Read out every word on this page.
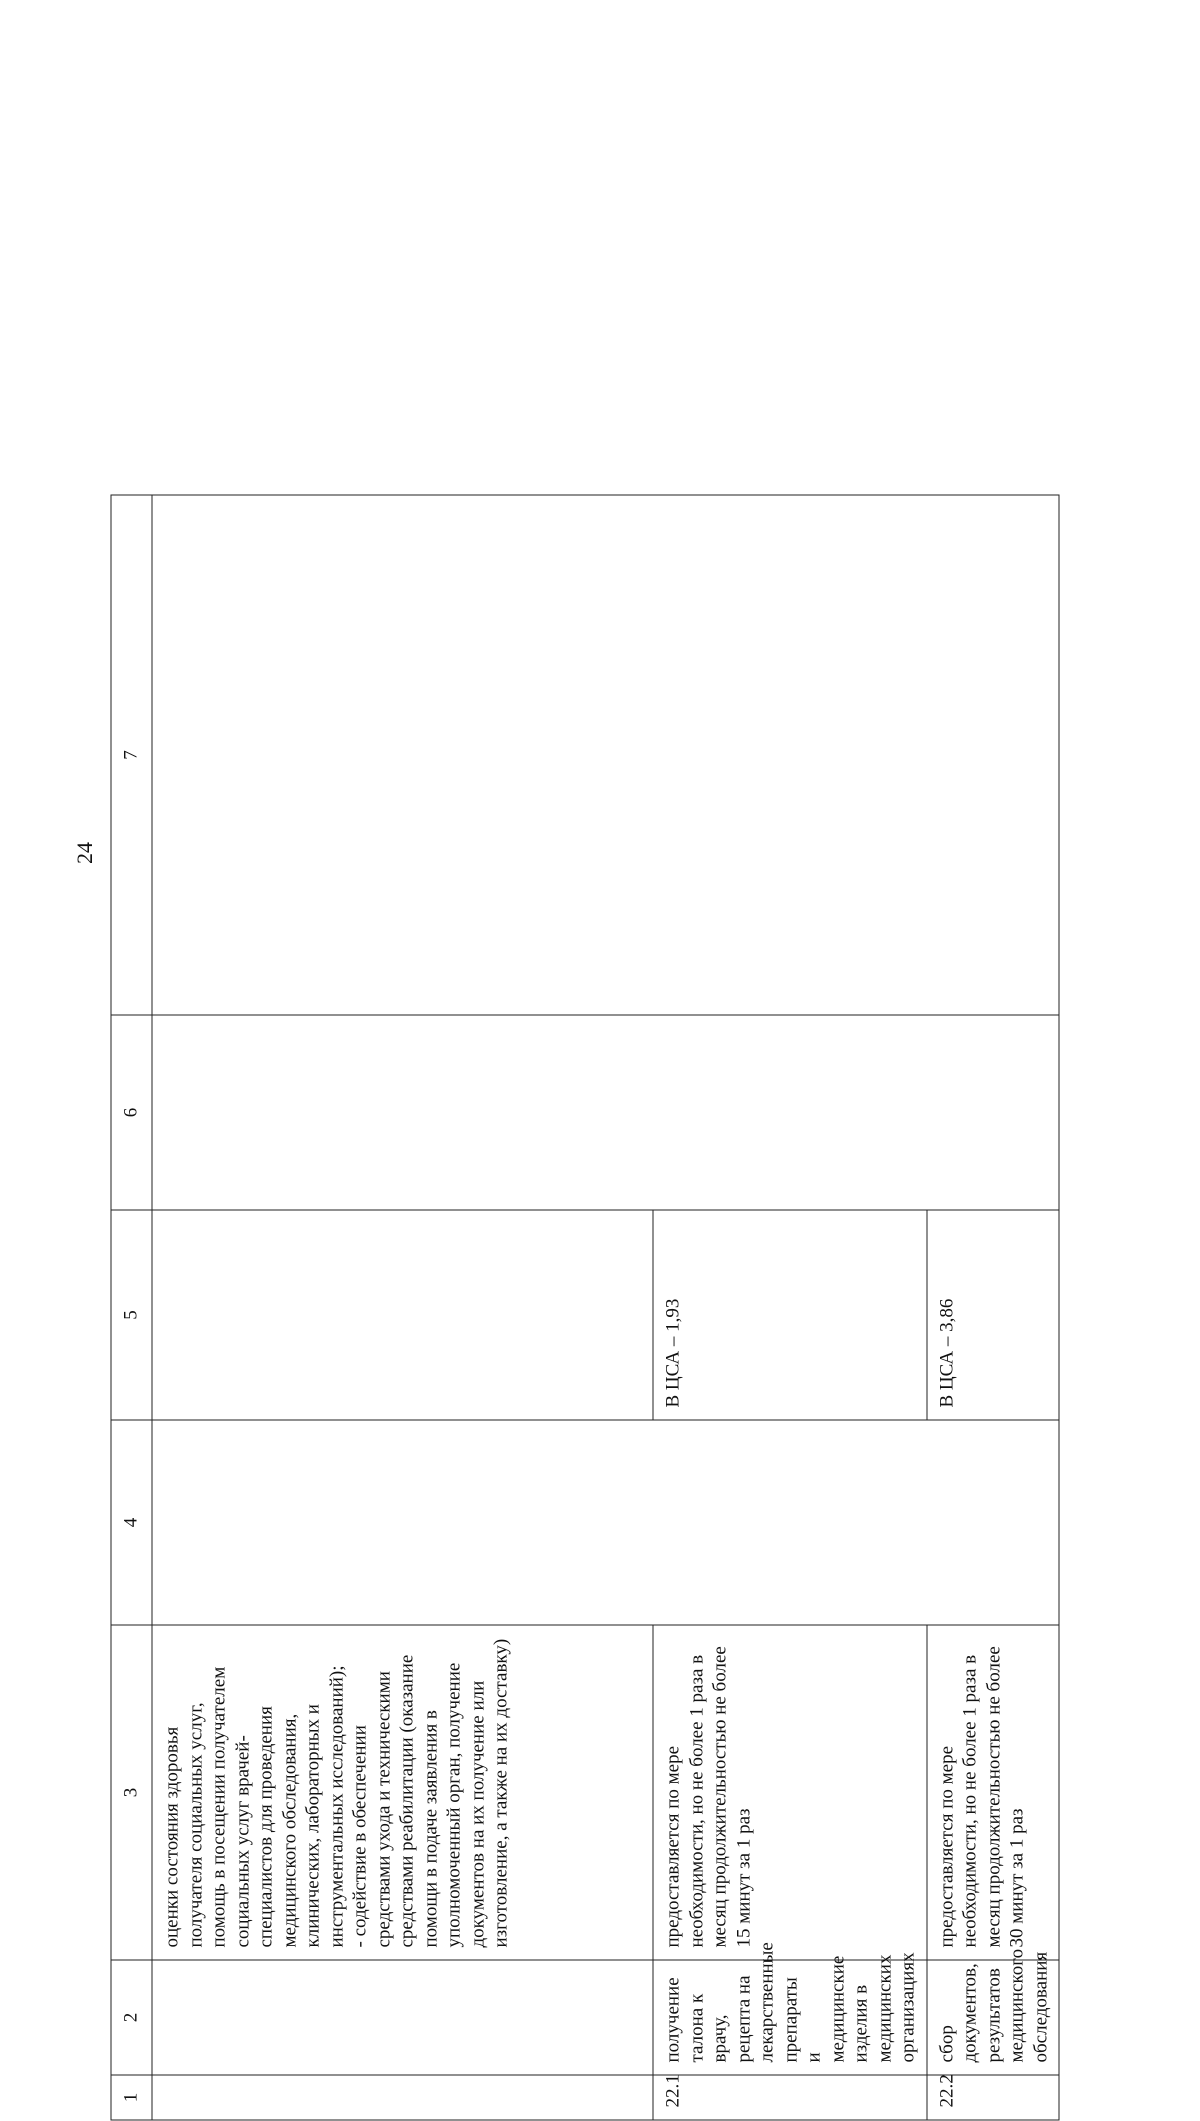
24
1	2	3	4	5	6	7

		оценки состояния здоровья получателя социальных услуг, помощь в посещении получателем социальных услуг врачей-специалистов для проведения медицинского обследования, клинических, лабораторных и инструментальных исследований);
- содействие в обеспечении средствами ухода и техническими средствами реабилитации (оказание помощи в подаче заявления в уполномоченный орган, получение документов на их получение или изготовление, а также на их доставку)				

22.1	получение талона к врачу, рецепта на лекарственные препараты и медицинские изделия в медицинских организациях	предоставляется по мере необходимости, но не более 1 раза в месяц продолжительностью не более 15 минут за 1 раз		В ЦСА – 1,93		

22.2	сбор документов, результатов медицинского обследования	предоставляется по мере необходимости, но не более 1 раза в месяц продолжительностью не более 30 минут за 1 раз		В ЦСА – 3,86		
